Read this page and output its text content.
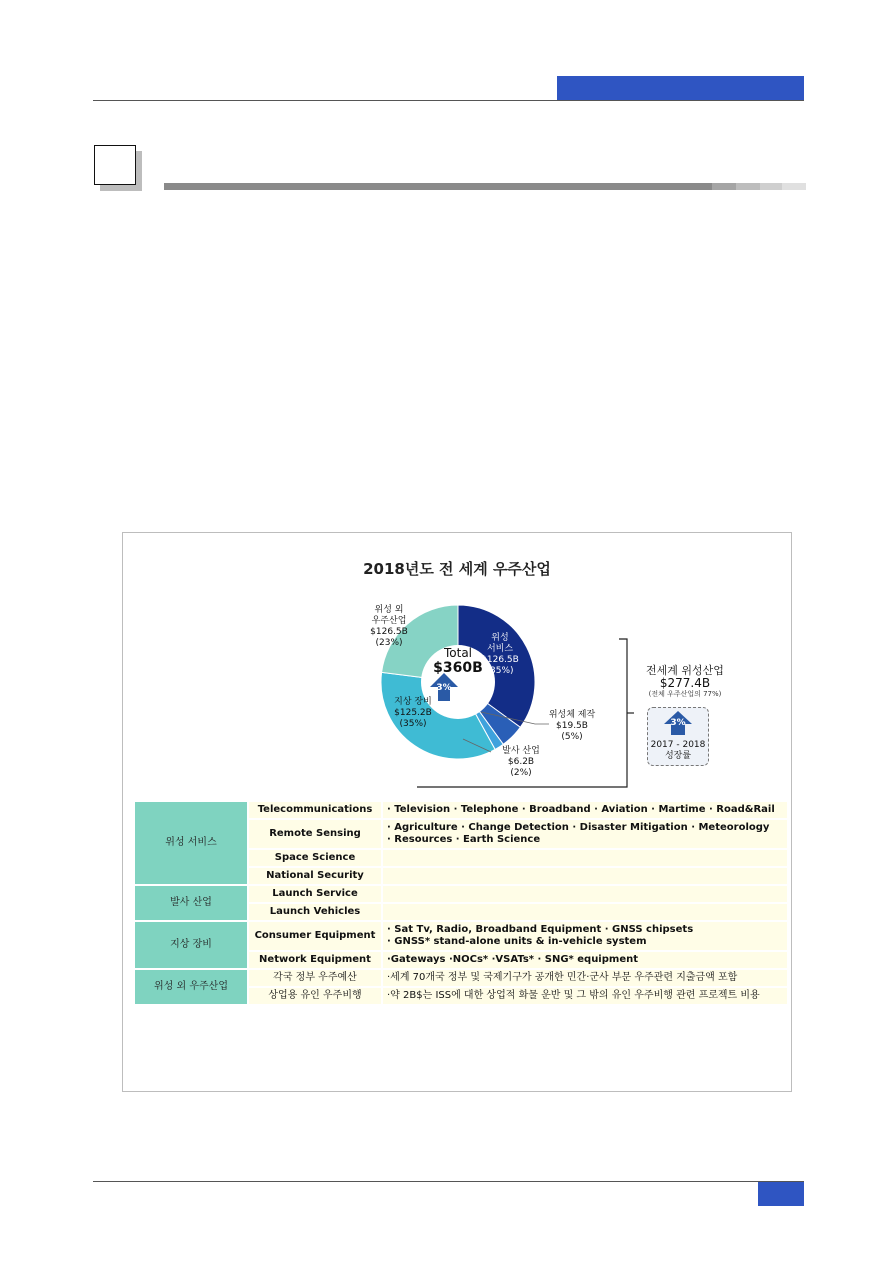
2018년도 전 세계 우주산업
Total
$360B
3%
위성
서비스
$126.5B
(35%)
위성 외
우주산업
$126.5B
(23%)
지상 장비
$125.2B
(35%)
위성체 제작
$19.5B
(5%)
발사 산업
$6.2B
(2%)
전세계 위성산업
$277.4B
(전체 우주산업의 77%)
3%
2017 - 2018
성장률
위성 서비스	Telecommunications	· Television · Telephone · Broadband · Aviation · Martime · Road&Rail

	Remote Sensing	· Agriculture · Change Detection · Disaster Mitigation · Meteorology
· Resources · Earth Science

	Space Science	
	National Security	
발사 산업	Launch Service	
	Launch Vehicles	
지상 장비	Consumer Equipment	· Sat Tv, Radio, Broadband Equipment · GNSS chipsets
· GNSS* stand-alone units & in-vehicle system

	Network Equipment	·Gateways ·NOCs* ·VSATs* · SNG* equipment

위성 외 우주산업	각국 정부 우주예산	·세계 70개국 정부 및 국제기구가 공개한 민간·군사 부문 우주관련 지출금액 포함

	상업용 유인 우주비행	·약 2B$는 ISS에 대한 상업적 화물 운반 및 그 밖의 유인 우주비행 관련 프로젝트 비용
